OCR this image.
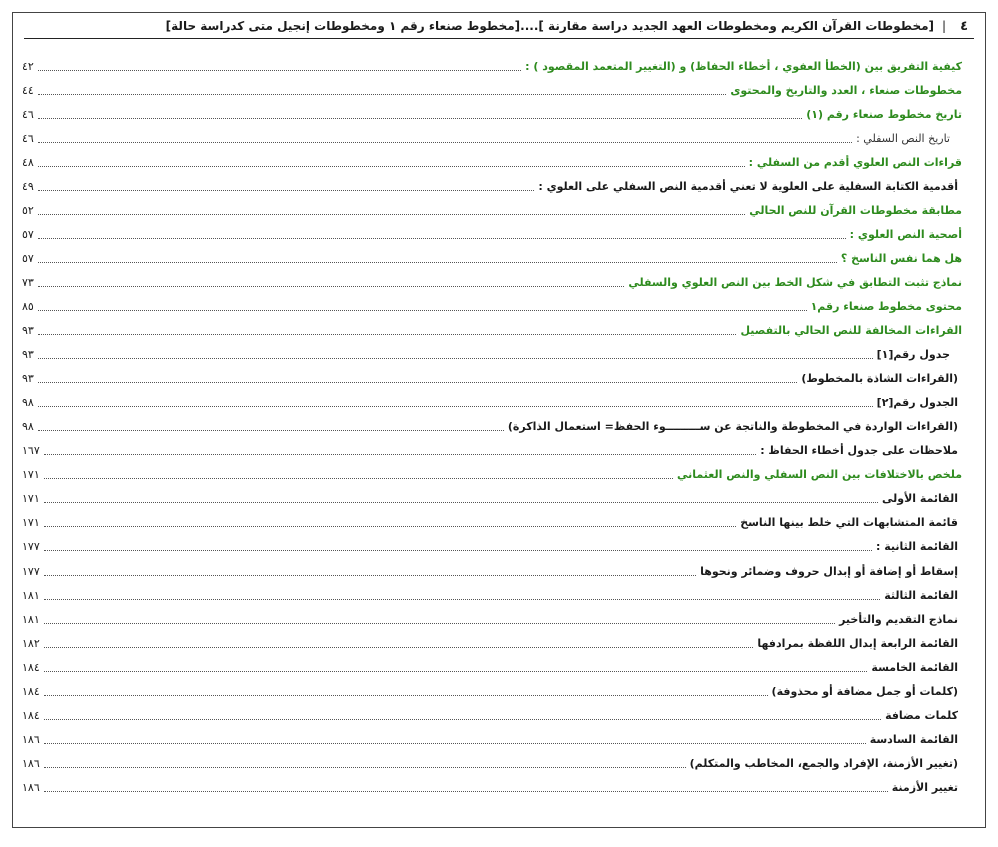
٤
|
[مخطوطات القرآن الكريم ومخطوطات العهد الجديد دراسة مقارنة ]....[مخطوط صنعاء رقم ١ ومخطوطات إنجيل متى كدراسة حالة]
كيفية التفريق بين (الخطأ العفوي ، أخطاء الحفاظ) و (التغيير المتعمد المقصود ) :
٤٢
مخطوطات صنعاء ، العدد والتاريخ والمحتوى
٤٤
تاريخ مخطوط صنعاء رقم (١)
٤٦
تاريخ النص السفلي :
٤٦
قراءات النص العلوي أقدم من السفلي :
٤٨
أقدمية الكتابة السفلية على العلوية لا تعني أقدمية النص السفلي على العلوي :
٤٩
مطابقة مخطوطات القرآن للنص الحالي
٥٢
أصحية النص العلوي :
٥٧
هل هما نفس الناسخ ؟
٥٧
نماذج تثبت التطابق في شكل الخط بين النص العلوي والسفلي
٧٣
محتوى مخطوط صنعاء رقم١
٨٥
القراءات المخالفة للنص الحالي بالتفصيل
٩٣
جدول رقم[١]
٩٣
(القراءات الشاذة بالمخطوط)
٩٣
الجدول رقم[٢]
٩٨
(القراءات الواردة في المخطوطة والناتجة عن ســـــــــوء الحفظ= استعمال الذاكرة)
٩٨
ملاحظات على جدول أخطاء الحفاظ :
١٦٧
ملخص بالاختلافات بين النص السفلي والنص العثماني
١٧١
القائمة الأولى
١٧١
قائمة المتشابهات التي خلط بينها الناسخ
١٧١
القائمة الثانية :
١٧٧
إسقاط أو إضافة أو إبدال حروف وضمائر ونحوها
١٧٧
القائمة الثالثة
١٨١
نماذج التقديم والتأخير
١٨١
القائمة الرابعة إبدال اللفظة بمرادفها
١٨٢
القائمة الخامسة
١٨٤
(كلمات أو جمل مضافة أو محذوفة)
١٨٤
كلمات مضافة
١٨٤
القائمة السادسة
١٨٦
(تغيير الأزمنة، الإفراد والجمع، المخاطب والمتكلم)
١٨٦
تغيير الأزمنة
١٨٦
